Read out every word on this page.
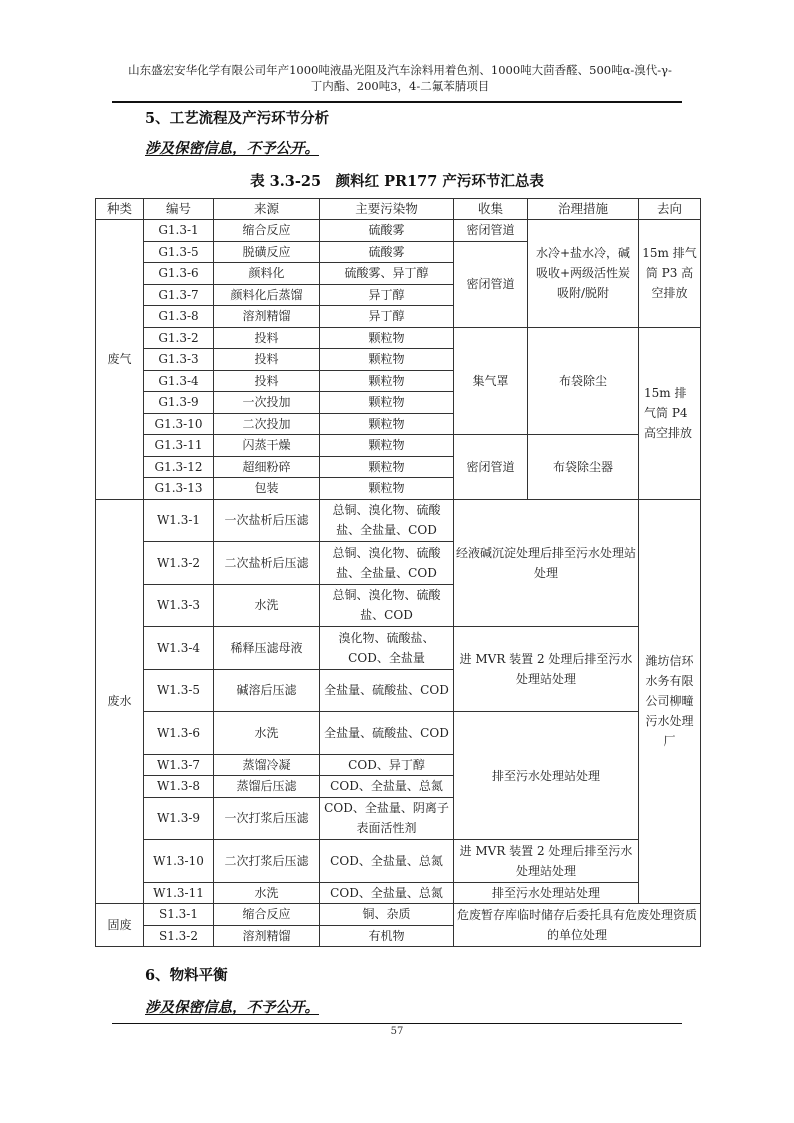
山东盛宏安华化学有限公司年产1000吨液晶光阻及汽车涂料用着色剂、1000吨大茴香醛、500吨α-溴代-γ-
丁内酯、200吨3，4-二氟苯腈项目
5、工艺流程及产污环节分析
涉及保密信息，不予公开。
表 3.3-25　颜料红 PR177 产污环节汇总表
种类	编号	来源	主要污染物	收集	治理措施	去向
废气	G1.3-1	缩合反应	硫酸雾	密闭管道	水冷+盐水冷，碱吸收+两级活性炭吸附/脱附	15m 排气筒 P3 高空排放
	G1.3-5	脱磺反应	硫酸雾	密闭管道		
	G1.3-6	颜料化	硫酸雾、异丁醇			
	G1.3-7	颜料化后蒸馏	异丁醇			
	G1.3-8	溶剂精馏	异丁醇			
	G1.3-2	投料	颗粒物	集气罩	布袋除尘	15m 排气筒 P4 高空排放
	G1.3-3	投料	颗粒物			
	G1.3-4	投料	颗粒物			
	G1.3-9	一次投加	颗粒物			
	G1.3-10	二次投加	颗粒物			
	G1.3-11	闪蒸干燥	颗粒物	密闭管道	布袋除尘器	
	G1.3-12	超细粉碎	颗粒物			
	G1.3-13	包装	颗粒物			
废水	W1.3-1	一次盐析后压滤	总铜、溴化物、硫酸盐、全盐量、COD	经液碱沉淀处理后排至污水处理站处理		潍坊信环水务有限公司柳疃污水处理厂
	W1.3-2	二次盐析后压滤	总铜、溴化物、硫酸盐、全盐量、COD			
	W1.3-3	水洗	总铜、溴化物、硫酸盐、COD			
	W1.3-4	稀释压滤母液	溴化物、硫酸盐、COD、全盐量	进 MVR 装置 2 处理后排至污水处理站处理		
	W1.3-5	碱溶后压滤	全盐量、硫酸盐、COD			
	W1.3-6	水洗	全盐量、硫酸盐、COD	排至污水处理站处理		
	W1.3-7	蒸馏冷凝	COD、异丁醇			
	W1.3-8	蒸馏后压滤	COD、全盐量、总氮			
	W1.3-9	一次打浆后压滤	COD、全盐量、阴离子表面活性剂			
	W1.3-10	二次打浆后压滤	COD、全盐量、总氮	进 MVR 装置 2 处理后排至污水处理站处理		
	W1.3-11	水洗	COD、全盐量、总氮	排至污水处理站处理		
固废	S1.3-1	缩合反应	铜、杂质	危废暂存库临时储存后委托具有危废处理资质的单位处理		
	S1.3-2	溶剂精馏	有机物			
6、物料平衡
涉及保密信息，不予公开。
57
